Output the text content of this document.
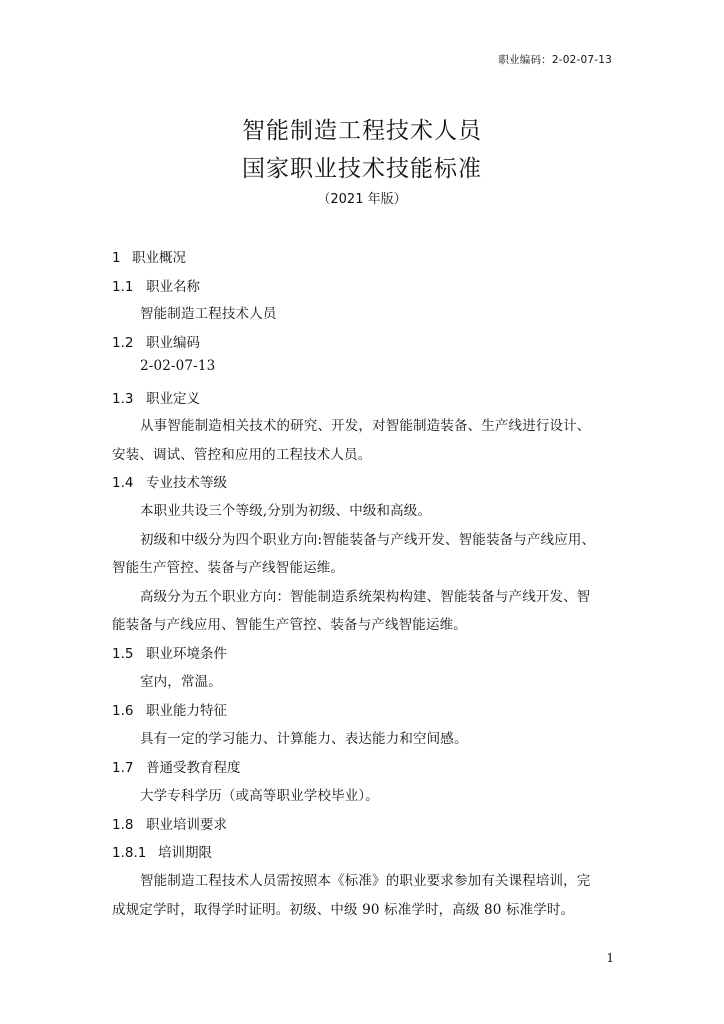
职业编码：2-02-07-13
智能制造工程技术人员
国家职业技术技能标准
（2021 年版）
1 职业概况
1.1 职业名称
智能制造工程技术人员
1.2 职业编码
2-02-07-13
1.3 职业定义
从事智能制造相关技术的研究、开发，对智能制造装备、生产线进行设计、
安装、调试、管控和应用的工程技术人员。
1.4 专业技术等级
本职业共设三个等级,分别为初级、中级和高级。
初级和中级分为四个职业方向:智能装备与产线开发、智能装备与产线应用、
智能生产管控、装备与产线智能运维。
高级分为五个职业方向：智能制造系统架构构建、智能装备与产线开发、智
能装备与产线应用、智能生产管控、装备与产线智能运维。
1.5 职业环境条件
室内，常温。
1.6 职业能力特征
具有一定的学习能力、计算能力、表达能力和空间感。
1.7 普通受教育程度
大学专科学历（或高等职业学校毕业）。
1.8 职业培训要求
1.8.1 培训期限
智能制造工程技术人员需按照本《标准》的职业要求参加有关课程培训，完
成规定学时，取得学时证明。初级、中级 90 标准学时，高级 80 标准学时。
1
